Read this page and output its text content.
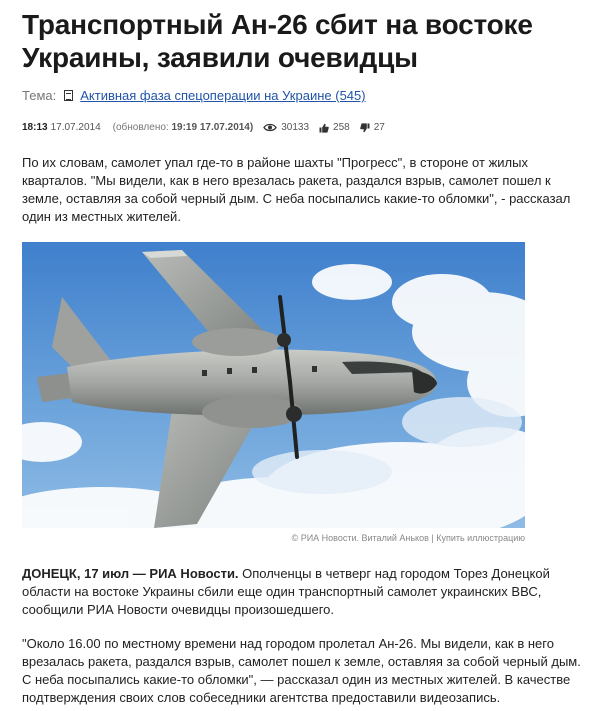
Транспортный Ан-26 сбит на востоке Украины, заявили очевидцы
Тема: Активная фаза спецоперации на Украине (545)
18:13 17.07.2014 (обновлено: 19:19 17.07.2014)	30133 258 27

По их словам, самолет упал где-то в районе шахты "Прогресс", в стороне от жилых кварталов. "Мы видели, как в него врезалась ракета, раздался взрыв, самолет пошел к земле, оставляя за собой черный дым. С неба посыпались какие-то обломки", - рассказал один из местных жителей.

© РИА Новости. Виталий Аньков | Купить иллюстрацию

ДОНЕЦК, 17 июл — РИА Новости. Ополченцы в четверг над городом Торез Донецкой области на востоке Украины сбили еще один транспортный самолет украинских ВВС, сообщили РИА Новости очевидцы произошедшего.

"Около 16.00 по местному времени над городом пролетал Ан-26. Мы видели, как в него врезалась ракета, раздался взрыв, самолет пошел к земле, оставляя за собой черный дым. С неба посыпались какие-то обломки", — рассказал один из местных жителей. В качестве подтверждения своих слов собеседники агентства предоставили видеозапись.
